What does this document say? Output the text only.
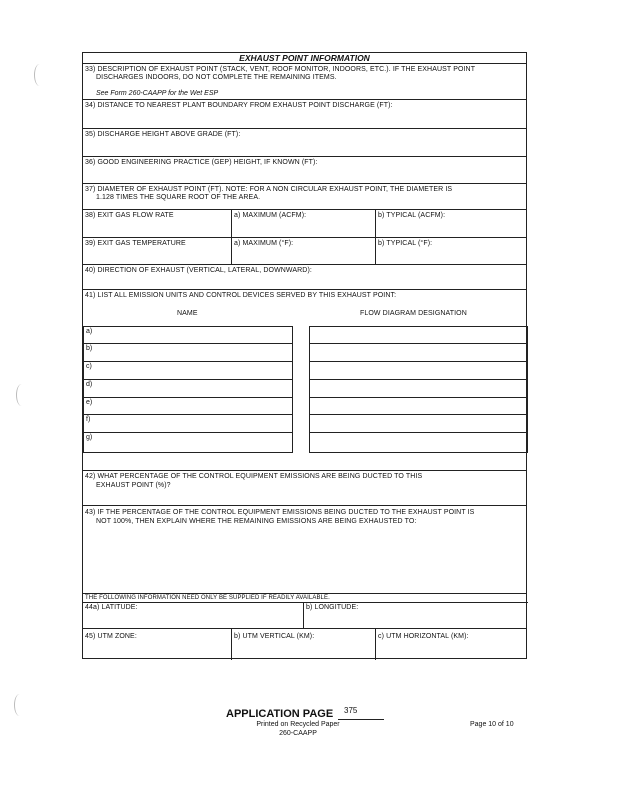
EXHAUST POINT INFORMATION
33) DESCRIPTION OF EXHAUST POINT (STACK, VENT, ROOF MONITOR, INDOORS, ETC.). IF THE EXHAUST POINT
DISCHARGES INDOORS, DO NOT COMPLETE THE REMAINING ITEMS.
See Form 260-CAAPP for the Wet ESP
34) DISTANCE TO NEAREST PLANT BOUNDARY FROM EXHAUST POINT DISCHARGE (FT):
35) DISCHARGE HEIGHT ABOVE GRADE (FT):
36) GOOD ENGINEERING PRACTICE (GEP) HEIGHT, IF KNOWN (FT):
37) DIAMETER OF EXHAUST POINT (FT). NOTE: FOR A NON CIRCULAR EXHAUST POINT, THE DIAMETER IS
1.128 TIMES THE SQUARE ROOT OF THE AREA.
38) EXIT GAS FLOW RATE	a) MAXIMUM (ACFM):	b) TYPICAL (ACFM):
39) EXIT GAS TEMPERATURE	a) MAXIMUM (°F):	b) TYPICAL (°F):
40) DIRECTION OF EXHAUST (VERTICAL, LATERAL, DOWNWARD):
41) LIST ALL EMISSION UNITS AND CONTROL DEVICES SERVED BY THIS EXHAUST POINT:
NAME	FLOW DIAGRAM DESIGNATION
a)
b)
c)
d)
e)
f)
g)
42) WHAT PERCENTAGE OF THE CONTROL EQUIPMENT EMISSIONS ARE BEING DUCTED TO THIS
EXHAUST POINT (%)?
43) IF THE PERCENTAGE OF THE CONTROL EQUIPMENT EMISSIONS BEING DUCTED TO THE EXHAUST POINT IS
NOT 100%, THEN EXPLAIN WHERE THE REMAINING EMISSIONS ARE BEING EXHAUSTED TO:
THE FOLLOWING INFORMATION NEED ONLY BE SUPPLIED IF READILY AVAILABLE.
44a) LATITUDE:	b) LONGITUDE:
45) UTM ZONE:	b) UTM VERTICAL (KM):	c) UTM HORIZONTAL (KM):
APPLICATION PAGE 375
Printed on Recycled Paper
260-CAAPP
Page 10 of 10
